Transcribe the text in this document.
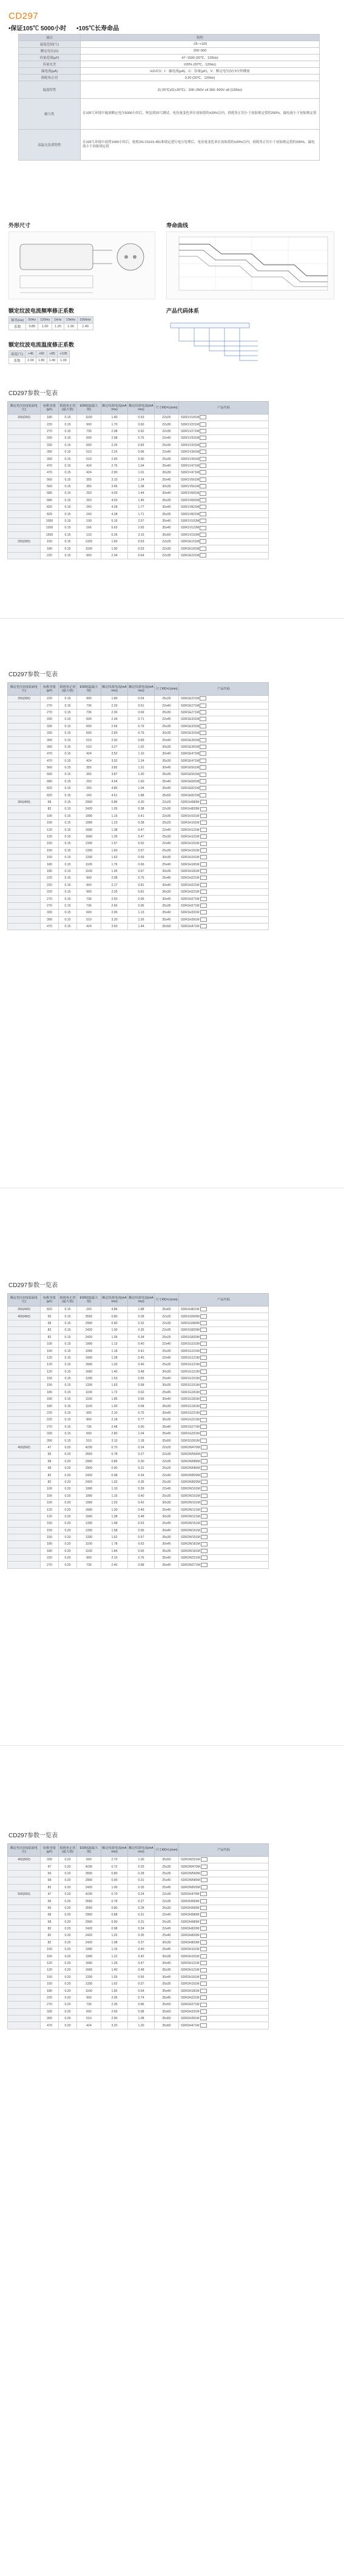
CD297
•保证105℃ 5000小时 •105℃长寿命品
项目	特性
温度范围(℃)	-25~+105
额定电压(V)	200~500
容量范围(μF)	47~1500 (20℃，120Hz)
容量允差	±20% (20℃，120Hz)
漏电流(μA)	I≤3√CV；I：漏电流(μA)，C：容量(μF)，V：额定电压(V) 5分钟测量
损耗角正切	0.20 (20℃，120Hz)
温度特性	Z(-25℃)/Z(+20℃)：200~250V ≤4 350~500V ≤8 (120Hz)
耐久性	在105℃环境中施加额定电压5000小时后，恢复到20℃测试，电容量变化率在初始值的±20%以内，损耗角正切小于初始规定值的200%，漏电流小于初始规定值
高温无负荷特性	在105℃环境中放置1000小时后，按照JIS C5101-4标准规定进行电压处理后，电容量变化率在初始值的±20%以内，损耗角正切小于初始规定值的200%，漏电流小于初始规定值
外形尺寸	寿命曲线
额定纹波电流频率修正系数
频率(Hz)	50Hz	120Hz	1kHz	10kHz	100kHz
系数	0.80	1.00	1.20	1.30	1.40
额定纹波电流温度修正系数
温度(℃)	+45	+60	+85	+105
系数	2.00	1.80	1.40	1.00
产品代码体系
CD297参数一览表
额定电压(V)(浪涌电压)	标称容量(μF)	损耗角正切(最大值)	ESR(Ω)(最大值)	额定纹波电流(mA rms)	额定纹波电流(mA rms)	尺寸ΦD×L(mm)	产品代码
200(250)	180	0.15	1100	1.40	0.53	22x25	SDR1V181M
	220	0.15	900	1.70	0.60	22x30	SDR1V221M
	270	0.15	735	2.08	0.62	22x35	SDR1V271M
	330	0.15	600	2.08	0.76	22x40	SDR1V331M
	330	0.15	600	2.25	0.83	25x30	SDR1V331M
	390	0.15	510	2.25	0.96	22x45	SDR1V391M
	390	0.15	510	2.45	0.90	25x35	SDR1V391M
	470	0.15	424	2.75	1.04	25x40	SDR1V471M
	470	0.15	424	2.90	1.01	30x30	SDR1V471M
	560	0.15	355	3.10	1.14	25x45	SDR1V561M
	560	0.15	355	3.45	1.38	30x35	SDR1V561M
	680	0.15	293	4.03	1.44	30x40	SDR1V681M
	680	0.15	293	4.03	1.45	35x30	SDR1V681M
	820	0.15	243	4.28	1.77	30x45	SDR1V821M
	820	0.15	243	4.28	1.71	35x35	SDR1V821M
	1000	0.15	199	5.19	2.57	35x40	SDR1V102M
	1200	0.15	166	5.63	2.65	35x45	SDR1V122M
	1500	0.15	133	6.26	3.15	35x50	SDR1V152M
250(300)	150	0.15	1325	1.60	0.53	22x25	SDR1E151M
	180	0.15	1100	1.90	0.53	22x30	SDR1E181M
	220	0.15	900	2.04	0.64	22x35	SDR1E221M
CD297参数一览表
额定电压(V)(浪涌电压)	标称容量(μF)	损耗角正切(最大值)	ESR(Ω)(最大值)	额定纹波电流(mA rms)	额定纹波电流(mA rms)	尺寸ΦD×L(mm)	产品代码
250(300)	220	0.15	900	1.80	0.54	25x25	SDR1E221M
	270	0.15	736	2.20	0.61	22x40	SDR1E271M
	270	0.15	736	2.30	0.69	25x30	SDR1E271M
	330	0.15	600	2.34	0.71	22x45	SDR1E331M
	330	0.15	600	2.65	0.79	25x35	SDR1E331M
	330	0.15	600	2.83	0.79	30x30	SDR1E331M
	390	0.15	510	2.92	0.89	25x40	SDR1E391M
	390	0.15	510	3.27	1.02	30x35	SDR1E391M
	470	0.15	424	3.52	1.10	30x40	SDR1E471M
	470	0.15	424	3.52	1.24	35x30	SDR1E471M
	560	0.15	355	3.82	1.31	30x45	SDR1E561M
	560	0.15	355	3.87	1.30	35x35	SDR1E561M
	680	0.15	293	4.54	1.60	35x40	SDR1E681M
	820	0.15	243	4.80	1.94	35x45	SDR1E821M
	820	0.15	243	4.61	1.88	35x50	SDR1E821M
350(400)	68	0.15	2900	0.86	0.30	22x25	SDR1H680M
	82	0.15	2420	1.05	0.38	22x30	SDR1H820M
	100	0.15	1990	1.15	0.41	22x35	SDR1H101M
	100	0.15	1990	1.23	0.38	25x25	SDR1H101M
	120	0.15	1660	1.38	0.47	22x40	SDR1H121M
	120	0.15	1660	1.35	0.47	25x30	SDR1H121M
	150	0.15	1330	1.57	0.52	22x45	SDR1H151M
	150	0.15	1330	1.60	0.57	25x35	SDR1H151M
	150	0.15	1330	1.63	0.59	30x30	SDR1H151M
	180	0.15	1100	1.76	0.66	25x40	SDR1H181M
	180	0.15	1100	1.95	0.67	30x35	SDR1H181M
	220	0.15	900	2.08	0.75	25x45	SDR1H221M
	220	0.15	900	2.17	0.81	30x40	SDR1H221M
	220	0.15	900	2.25	0.81	35x30	SDR1H221M
	270	0.15	736	2.50	0.95	30x45	SDR1H271M
	270	0.15	736	2.60	0.96	35x35	SDR1H271M
	330	0.15	600	2.95	1.13	35x40	SDR1H331M
	390	0.15	510	3.20	1.26	35x45	SDR1H391M
	470	0.15	424	3.50	1.44	35x50	SDR1H471M
CD297参数一览表
额定电压(V)(浪涌电压)	标称容量(μF)	损耗角正切(最大值)	ESR(Ω)(最大值)	额定纹波电流(mA rms)	额定纹波电流(mA rms)	尺寸ΦD×L(mm)	产品代码
350(400)	820	0.15	243	4.86	1.88	35x60	SDR1H821M
400(450)	56	0.15	3550	0.80	0.28	22x25	SDR1G560M
	68	0.15	2900	0.90	0.32	22x30	SDR1G680M
	82	0.15	2420	1.00	0.35	22x35	SDR1G820M
	82	0.15	2420	1.05	0.34	25x25	SDR1G820M
	100	0.15	1990	1.13	0.40	22x40	SDR1G101M
	100	0.15	1990	1.18	0.41	25x30	SDR1G101M
	120	0.15	1660	1.28	0.45	22x45	SDR1G121M
	120	0.15	1660	1.33	0.46	25x35	SDR1G121M
	120	0.15	1660	1.40	0.48	30x30	SDR1G121M
	150	0.15	1330	1.53	0.55	25x40	SDR1G151M
	150	0.15	1330	1.63	0.58	30x35	SDR1G151M
	180	0.15	1100	1.72	0.62	25x45	SDR1G181M
	180	0.15	1100	1.85	0.66	30x40	SDR1G181M
	180	0.15	1100	1.90	0.68	35x30	SDR1G181M
	220	0.15	900	2.10	0.75	30x45	SDR1G221M
	220	0.15	900	2.18	0.77	35x35	SDR1G221M
	270	0.15	736	2.48	0.90	35x40	SDR1G271M
	330	0.15	600	2.80	1.04	35x45	SDR1G331M
	390	0.15	510	3.10	1.18	35x50	SDR1G391M
450(500)	47	0.20	4230	0.70	0.24	22x25	SDR2W470M
	56	0.20	3550	0.78	0.27	22x30	SDR2W560M
	68	0.20	2900	0.86	0.30	22x35	SDR2W680M
	68	0.20	2900	0.90	0.31	25x25	SDR2W680M
	82	0.20	2420	0.98	0.34	22x40	SDR2W820M
	82	0.20	2420	1.02	0.35	25x30	SDR2W820M
	100	0.20	1990	1.10	0.39	22x45	SDR2W101M
	100	0.20	1990	1.15	0.40	25x35	SDR2W101M
	100	0.20	1990	1.20	0.42	30x30	SDR2W101M
	120	0.20	1660	1.30	0.46	25x40	SDR2W121M
	120	0.20	1660	1.38	0.48	30x35	SDR2W121M
	150	0.20	1330	1.48	0.53	25x45	SDR2W151M
	150	0.20	1330	1.58	0.56	30x40	SDR2W151M
	150	0.20	1330	1.62	0.57	35x30	SDR2W151M
	180	0.20	1100	1.78	0.63	30x45	SDR2W181M
	180	0.20	1100	1.84	0.65	35x35	SDR2W181M
	220	0.20	900	2.10	0.76	35x40	SDR2W221M
	270	0.20	736	2.40	0.88	35x45	SDR2W271M
CD297参数一览表
额定电压(V)(浪涌电压)	标称容量(μF)	损耗角正切(最大值)	ESR(Ω)(最大值)	额定纹波电流(mA rms)	额定纹波电流(mA rms)	尺寸ΦD×L(mm)	产品代码
450(500)	330	0.20	600	2.70	1.00	35x50	SDR2W331M
	47	0.20	4230	0.72	0.25	25x30	SDR2W470M
	56	0.20	3550	0.80	0.28	25x35	SDR2W560M
	68	0.20	2900	0.90	0.31	25x40	SDR2W680M
	82	0.20	2420	1.00	0.35	25x45	SDR2W820M
500(550)	47	0.20	4230	0.70	0.24	22x30	SDR2H470M
	56	0.20	3550	0.78	0.27	22x35	SDR2H560M
	56	0.20	3550	0.80	0.28	25x30	SDR2H560M
	68	0.20	2900	0.88	0.31	22x40	SDR2H680M
	68	0.20	2900	0.90	0.31	25x35	SDR2H680M
	82	0.20	2420	0.98	0.34	22x45	SDR2H820M
	82	0.20	2420	1.02	0.35	25x40	SDR2H820M
	82	0.20	2420	1.08	0.37	30x30	SDR2H820M
	100	0.20	1990	1.15	0.40	25x45	SDR2H101M
	100	0.20	1990	1.22	0.42	30x35	SDR2H101M
	120	0.20	1660	1.36	0.47	30x40	SDR2H121M
	120	0.20	1660	1.40	0.48	35x30	SDR2H121M
	150	0.20	1330	1.55	0.55	30x45	SDR2H151M
	150	0.20	1330	1.62	0.57	35x35	SDR2H151M
	180	0.20	1100	1.82	0.64	35x40	SDR2H181M
	220	0.20	900	2.05	0.74	35x45	SDR2H221M
	270	0.20	736	2.35	0.86	35x50	SDR2H271M
	330	0.20	600	2.65	0.98	35x60	SDR2H331M
	390	0.20	510	2.90	1.08	35x60	SDR2H391M
	470	0.20	424	3.20	1.20	35x60	SDR2H471M
